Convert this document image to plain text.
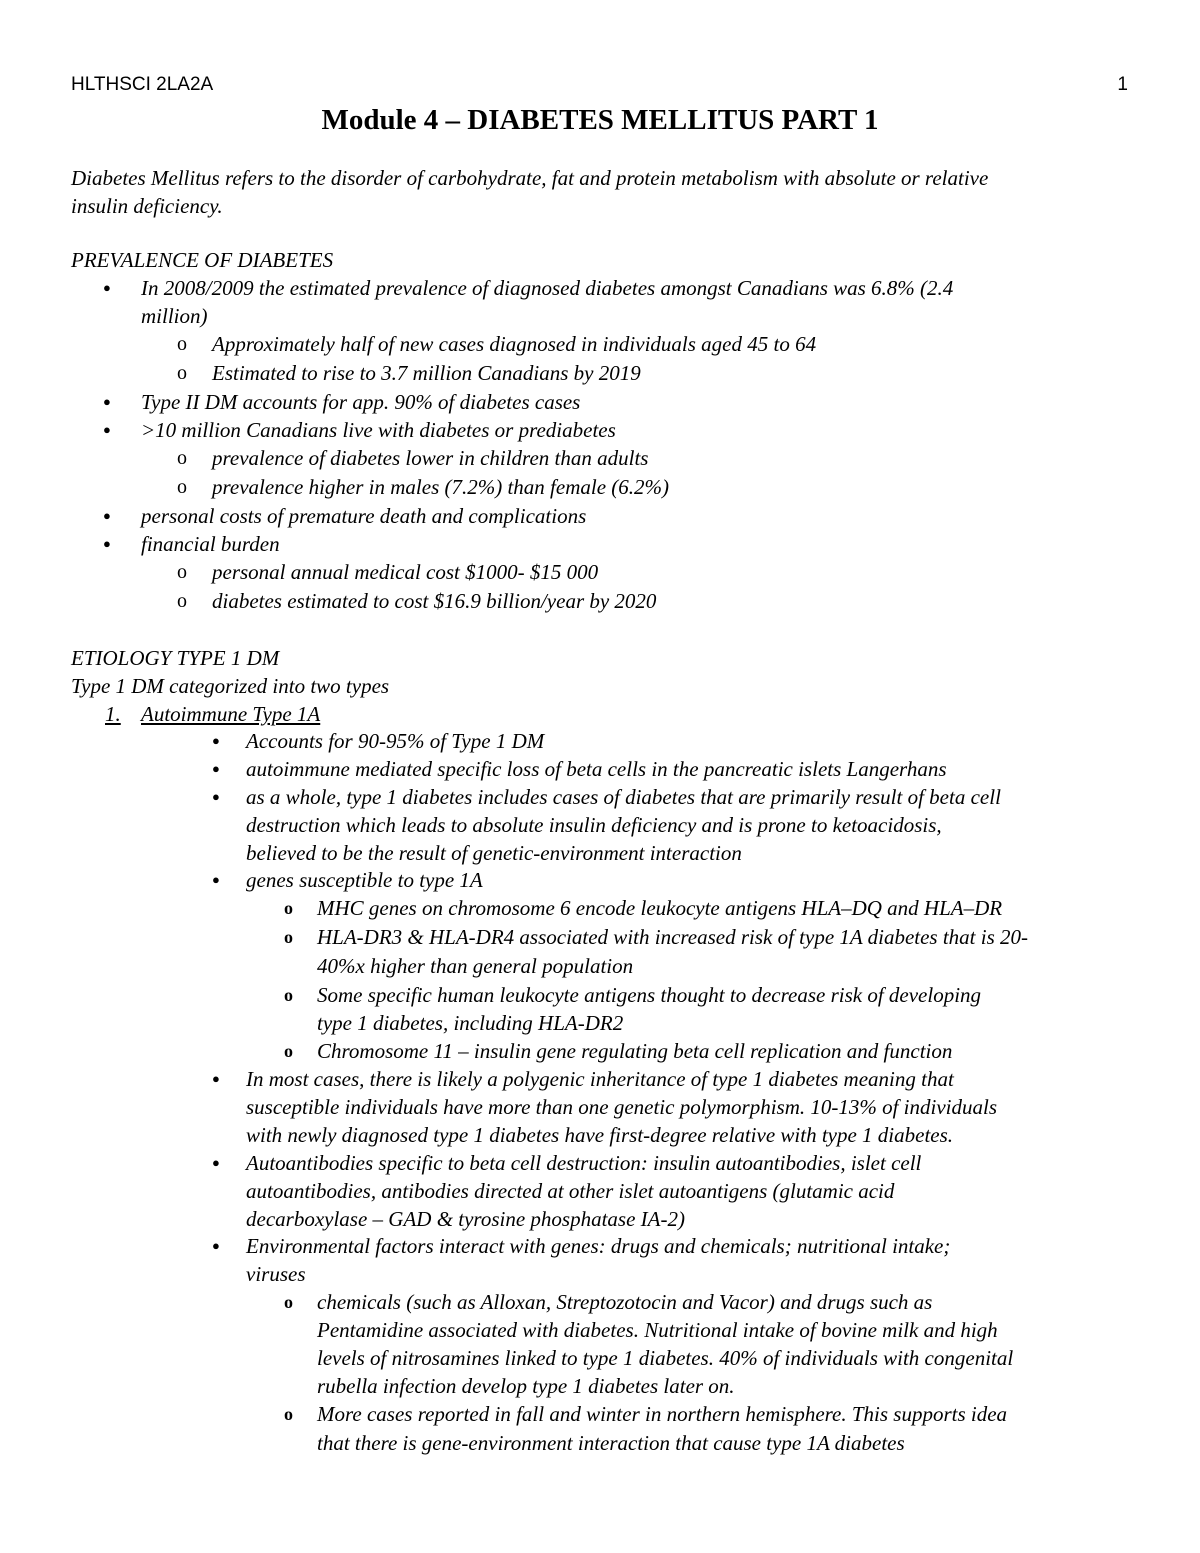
HLTHSCI 2LA2A	1
Module 4 – DIABETES MELLITUS PART 1
Diabetes Mellitus refers to the disorder of carbohydrate, fat and protein metabolism with absolute or relative
insulin deficiency.
PREVALENCE OF DIABETES
● In 2008/2009 the estimated prevalence of diagnosed diabetes amongst Canadians was 6.8% (2.4
million)
o Approximately half of new cases diagnosed in individuals aged 45 to 64
o Estimated to rise to 3.7 million Canadians by 2019
● Type II DM accounts for app. 90% of diabetes cases
● >10 million Canadians live with diabetes or prediabetes
o prevalence of diabetes lower in children than adults
o prevalence higher in males (7.2%) than female (6.2%)
● personal costs of premature death and complications
● financial burden
o personal annual medical cost $1000- $15 000
o diabetes estimated to cost $16.9 billion/year by 2020
ETIOLOGY TYPE 1 DM
Type 1 DM categorized into two types
1. Autoimmune Type 1A
● Accounts for 90-95% of Type 1 DM
● autoimmune mediated specific loss of beta cells in the pancreatic islets Langerhans
● as a whole, type 1 diabetes includes cases of diabetes that are primarily result of beta cell
destruction which leads to absolute insulin deficiency and is prone to ketoacidosis,
believed to be the result of genetic-environment interaction
● genes susceptible to type 1A
o MHC genes on chromosome 6 encode leukocyte antigens HLA–DQ and HLA–DR
o HLA-DR3 & HLA-DR4 associated with increased risk of type 1A diabetes that is 20-
40%x higher than general population
o Some specific human leukocyte antigens thought to decrease risk of developing
type 1 diabetes, including HLA-DR2
o Chromosome 11 – insulin gene regulating beta cell replication and function
● In most cases, there is likely a polygenic inheritance of type 1 diabetes meaning that
susceptible individuals have more than one genetic polymorphism. 10-13% of individuals
with newly diagnosed type 1 diabetes have first-degree relative with type 1 diabetes.
● Autoantibodies specific to beta cell destruction: insulin autoantibodies, islet cell
autoantibodies, antibodies directed at other islet autoantigens (glutamic acid
decarboxylase – GAD & tyrosine phosphatase IA-2)
● Environmental factors interact with genes: drugs and chemicals; nutritional intake;
viruses
o chemicals (such as Alloxan, Streptozotocin and Vacor) and drugs such as
Pentamidine associated with diabetes. Nutritional intake of bovine milk and high
levels of nitrosamines linked to type 1 diabetes. 40% of individuals with congenital
rubella infection develop type 1 diabetes later on.
o More cases reported in fall and winter in northern hemisphere. This supports idea
that there is gene-environment interaction that cause type 1A diabetes
